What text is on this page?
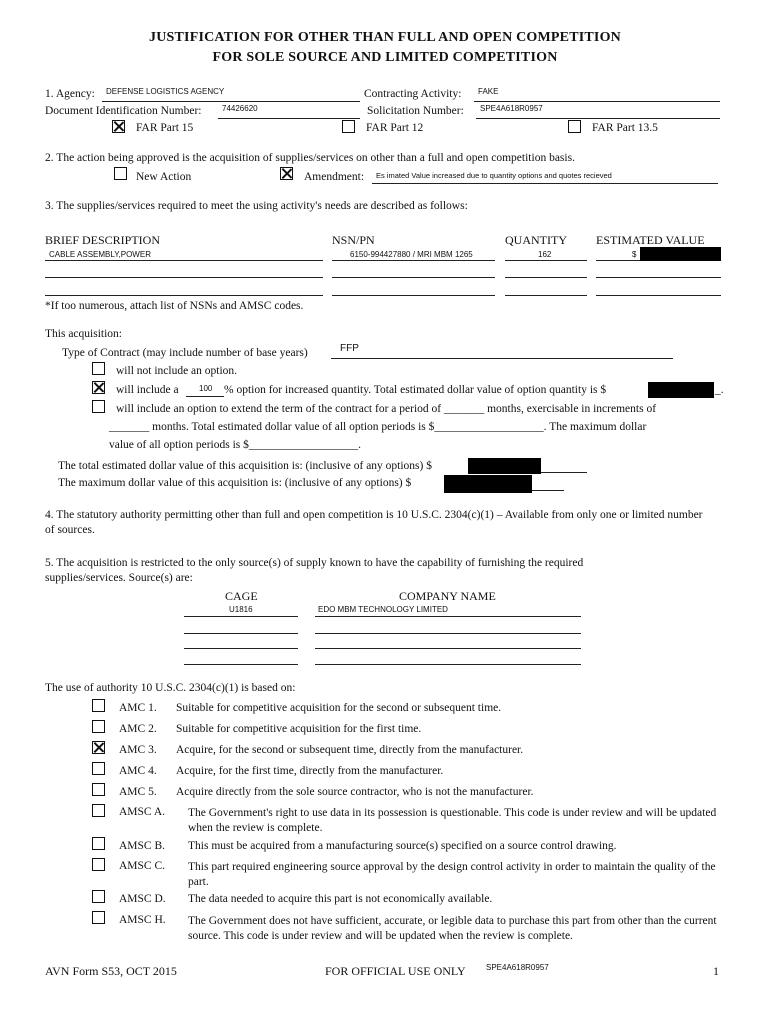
JUSTIFICATION FOR OTHER THAN FULL AND OPEN COMPETITION
FOR SOLE SOURCE AND LIMITED COMPETITION
1. Agency: DEFENSE LOGISTICS AGENCY	Contracting Activity: FAKE
Document Identification Number:	74426620	Solicitation Number: SPE4A618R0957
FAR Part 15	FAR Part 12	FAR Part 13.5
2. The action being approved is the acquisition of supplies/services on other than a full and open competition basis.
New Action	Amendment: Es imated Value increased due to quantity options and quotes recieved
3. The supplies/services required to meet the using activity's needs are described as follows:
BRIEF DESCRIPTION	NSN/PN	QUANTITY ESTIMATED VALUE
CABLE ASSEMBLY,POWER	6150-994427880 / MRI MBM 1265	162	$
*If too numerous, attach list of NSNs and AMSC codes.
This acquisition:
Type of Contract (may include number of base years)	FFP
will not include an option.
will include a	100 % option for increased quantity. Total estimated dollar value of option quantity is $	_.
will include an option to extend the term of the contract for a period of _______ months, exercisable in increments of
_______ months. Total estimated dollar value of all option periods is $___________________. The maximum dollar
value of all option periods is $___________________.
The total estimated dollar value of this acquisition is: (inclusive of any options) $
The maximum dollar value of this acquisition is: (inclusive of any options) $
4. The statutory authority permitting other than full and open competition is 10 U.S.C. 2304(c)(1) – Available from only one or limited number of sources.
5. The acquisition is restricted to the only source(s) of supply known to have the capability of furnishing the required supplies/services. Source(s) are:
CAGE	COMPANY NAME
U1816	EDO MBM TECHNOLOGY LIMITED
The use of authority 10 U.S.C. 2304(c)(1) is based on:
AMC 1. Suitable for competitive acquisition for the second or subsequent time.
AMC 2. Suitable for competitive acquisition for the first time.
AMC 3. Acquire, for the second or subsequent time, directly from the manufacturer.
AMC 4. Acquire, for the first time, directly from the manufacturer.
AMC 5. Acquire directly from the sole source contractor, who is not the manufacturer.
AMSC A. The Government's right to use data in its possession is questionable. This code is under review and will be updated when the review is complete.
AMSC B. This must be acquired from a manufacturing source(s) specified on a source control drawing.
AMSC C. This part required engineering source approval by the design control activity in order to maintain the quality of the part.
AMSC D. The data needed to acquire this part is not economically available.
AMSC H. The Government does not have sufficient, accurate, or legible data to purchase this part from other than the current source. This code is under review and will be updated when the review is complete.
AVN Form S53, OCT 2015	FOR OFFICIAL USE ONLY	SPE4A618R0957	1
